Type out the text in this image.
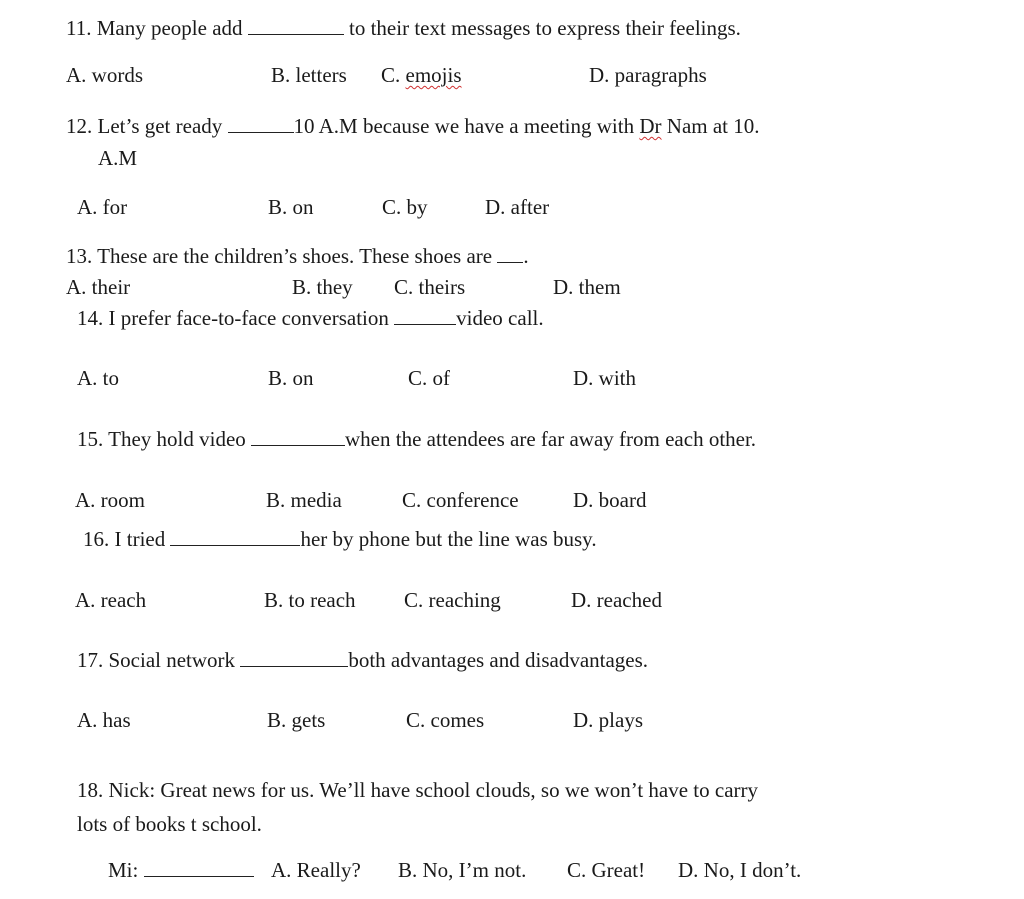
11. Many people add	to their text messages to express their feelings.
A. words	B. letters C. emojis	D. paragraphs
12. Let’s get ready	10 A.M because we have a meeting with Dr Nam at 10.
A.M
A. for	B. on	C. by	D. after
13. These are the children’s shoes. These shoes are .
A. their	B. they C. theirs	D. them
14. I prefer face-to-face conversation	video call.
A. to	B. on	C. of	D. with
15. They hold video	when the attendees are far away from each other.
A. room	B. media	C. conference	D. board
16. I tried	her by phone but the line was busy.
A. reach	B. to reach C. reaching	D. reached
17. Social network	both advantages and disadvantages.
A. has	B. gets	C. comes	D. plays
18. Nick: Great news for us. We’ll have school clouds, so we won’t have to carry
lots of books t school.
Mi:	A. Really? B. No, I’m not. C. Great! D. No, I don’t.
